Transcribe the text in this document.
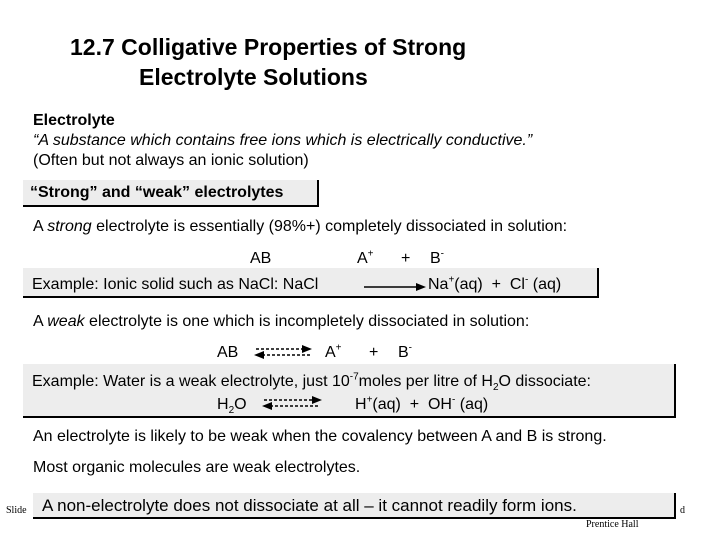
12.7 Colligative Properties of Strong
Electrolyte Solutions
Electrolyte
“A substance which contains free ions which is electrically conductive.”
(Often but not always an ionic solution)
“Strong” and “weak” electrolytes
A strong electrolyte is essentially (98%+) completely dissociated in solution:
AB	A+ + B-
Example: Ionic solid such as NaCl: NaCl	Na+(aq) + Cl- (aq)
A weak electrolyte is one which is incompletely dissociated in solution:
AB	A+ + B-
Example: Water is a weak electrolyte, just $10^{-7}moles$ per litre of $H_2O$ dissociate:
$H_2O$	H+(aq) + OH- (aq)
An electrolyte is likely to be weak when the covalency between A and B is strong.
Most organic molecules are weak electrolytes.
A non-electrolyte does not dissociate at all – it cannot readily form ions.
Slide	d
Prentice Hall
